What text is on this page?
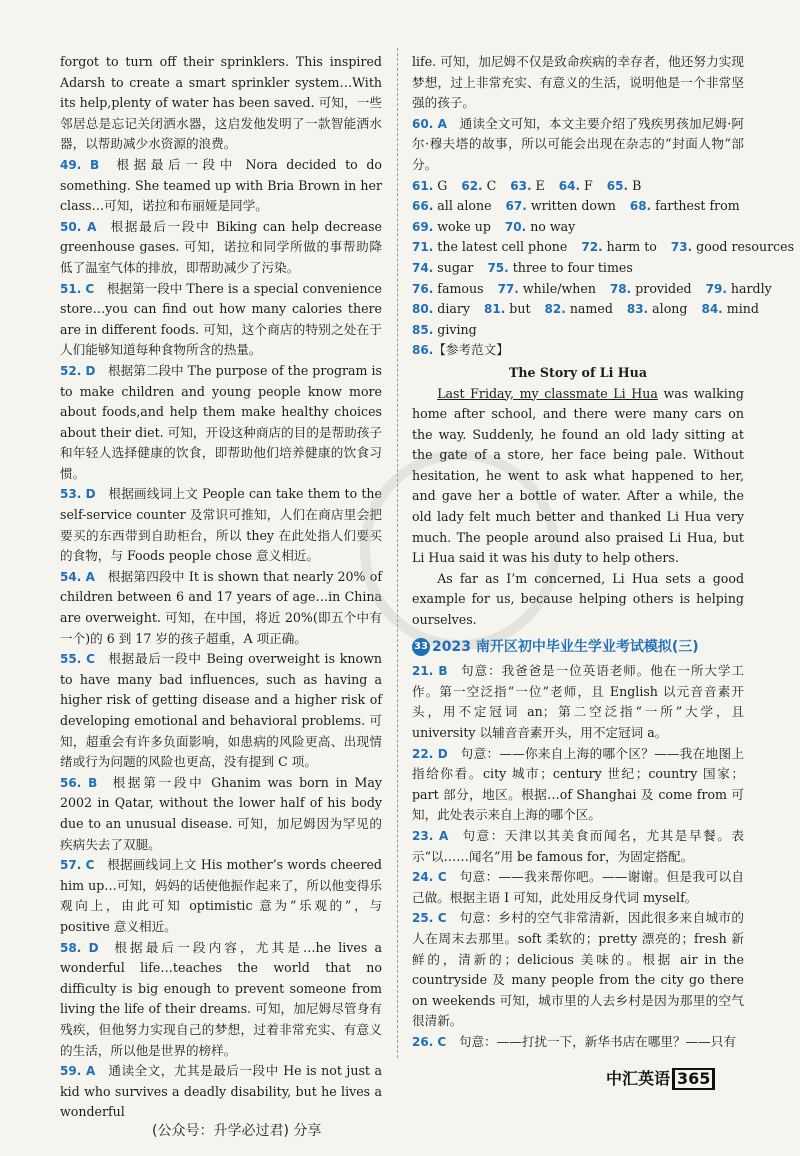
forgot to turn off their sprinklers. This inspired Adarsh to create a smart sprinkler system…With its help,plenty of water has been saved. 可知，一些邻居总是忘记关闭洒水器，这启发他发明了一款智能洒水器，以帮助减少水资源的浪费。
49. B  根据最后一段中 Nora decided to do something. She teamed up with Bria Brown in her class…可知，诺拉和布丽娅是同学。
50. A  根据最后一段中 Biking can help decrease greenhouse gases. 可知，诺拉和同学所做的事帮助降低了温室气体的排放，即帮助减少了污染。
51. C  根据第一段中 There is a special convenience store…you can find out how many calories there are in different foods. 可知，这个商店的特别之处在于人们能够知道每种食物所含的热量。
52. D  根据第二段中 The purpose of the program is to make children and young people know more about foods,and help them make healthy choices about their diet. 可知，开设这种商店的目的是帮助孩子和年轻人选择健康的饮食，即帮助他们培养健康的饮食习惯。
53. D  根据画线词上文 People can take them to the self-service counter 及常识可推知，人们在商店里会把要买的东西带到自助柜台，所以 they 在此处指人们要买的食物，与 Foods people chose 意义相近。
54. A  根据第四段中 It is shown that nearly 20% of children between 6 and 17 years of age…in China are overweight. 可知，在中国，将近 20%(即五个中有一个)的 6 到 17 岁的孩子超重，A 项正确。
55. C  根据最后一段中 Being overweight is known to have many bad influences, such as having a higher risk of getting disease and a higher risk of developing emotional and behavioral problems. 可知，超重会有许多负面影响，如患病的风险更高、出现情绪或行为问题的风险也更高，没有提到 C 项。
56. B  根据第一段中 Ghanim was born in May 2002 in Qatar, without the lower half of his body due to an unusual disease. 可知，加尼姆因为罕见的疾病失去了双腿。
57. C  根据画线词上文 His mother’s words cheered him up…可知，妈妈的话使他振作起来了，所以他变得乐观向上，由此可知 optimistic 意为“乐观的”，与 positive 意义相近。
58. D  根据最后一段内容，尤其是…he lives a wonderful life…teaches the world that no difficulty is big enough to prevent someone from living the life of their dreams. 可知，加尼姆尽管身有残疾，但他努力实现自己的梦想，过着非常充实、有意义的生活，所以他是世界的榜样。
59. A  通读全文，尤其是最后一段中 He is not just a kid who survives a deadly disability, but he lives a wonderful
life. 可知，加尼姆不仅是致命疾病的幸存者，他还努力实现梦想，过上非常充实、有意义的生活，说明他是一个非常坚强的孩子。
60. A  通读全文可知，本文主要介绍了残疾男孩加尼姆·阿尔·穆夫塔的故事，所以可能会出现在杂志的“封面人物”部分。
61. G 62. C 63. E 64. F 65. B
66. all alone 67. written down 68. farthest from
69. woke up 70. no way
71. the latest cell phone 72. harm to 73. good resources
74. sugar 75. three to four times
76. famous 77. while/when 78. provided 79. hardly
80. diary 81. but 82. named 83. along 84. mind
85. giving
86.【参考范文】
The Story of Li Hua
Last Friday, my classmate Li Hua was walking home after school, and there were many cars on the way. Suddenly, he found an old lady sitting at the gate of a store, her face being pale. Without hesitation, he went to ask what happened to her, and gave her a bottle of water. After a while, the old lady felt much better and thanked Li Hua very much. The people around also praised Li Hua, but Li Hua said it was his duty to help others.
As far as I’m concerned, Li Hua sets a good example for us, because helping others is helping ourselves.
33 2023 南开区初中毕业生学业考试模拟(三)
21. B  句意：我爸爸是一位英语老师。他在一所大学工作。第一空泛指“一位”老师，且 English 以元音音素开头，用不定冠词 an；第二空泛指“一所”大学，且 university 以辅音音素开头，用不定冠词 a。
22. D  句意：——你来自上海的哪个区？——我在地图上指给你看。city 城市；century 世纪；country 国家；part 部分，地区。根据…of Shanghai 及 come from 可知，此处表示来自上海的哪个区。
23. A  句意：天津以其美食而闻名，尤其是早餐。表示“以……闻名”用 be famous for，为固定搭配。
24. C  句意：——我来帮你吧。——谢谢。但是我可以自己做。根据主语 I 可知，此处用反身代词 myself。
25. C  句意：乡村的空气非常清新，因此很多来自城市的人在周末去那里。soft 柔软的；pretty 漂亮的；fresh 新鲜的，清新的；delicious 美味的。根据 air in the countryside 及 many people from the city go there on weekends 可知，城市里的人去乡村是因为那里的空气很清新。
26. C  句意：——打扰一下，新华书店在哪里？——只有
中汇英语 365
(公众号：升学必过君) 分享
